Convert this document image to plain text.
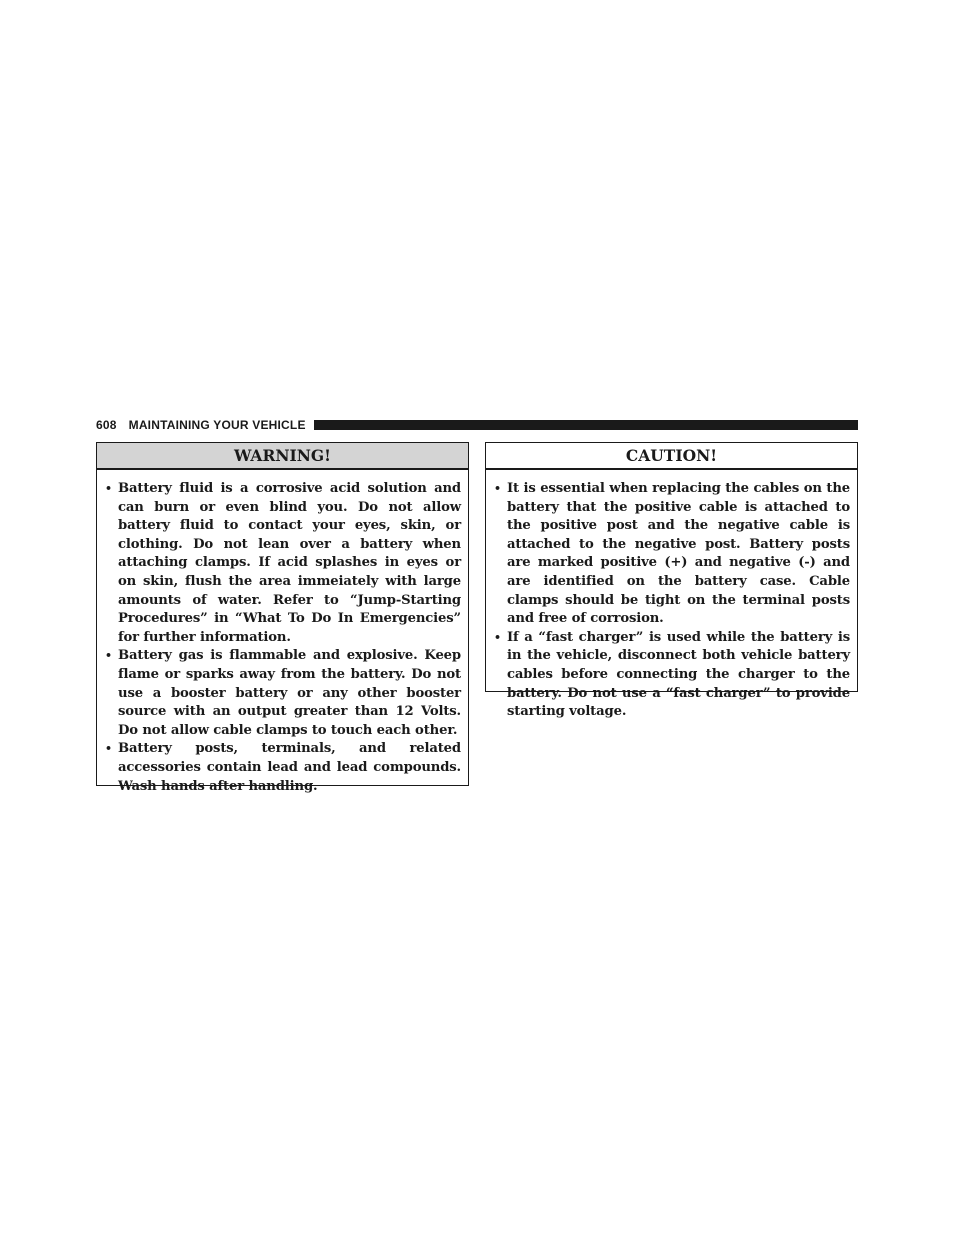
608 MAINTAINING YOUR VEHICLE
WARNING!
• Battery fluid is a corrosive acid solution and can burn or even blind you. Do not allow battery fluid to contact your eyes, skin, or clothing. Do not lean over a battery when attaching clamps. If acid splashes in eyes or on skin, flush the area immeiately with large amounts of water. Refer to “Jump-Starting Procedures” in “What To Do In Emergencies” for further information.
• Battery gas is flammable and explosive. Keep flame or sparks away from the battery. Do not use a booster battery or any other booster source with an output greater than 12 Volts. Do not allow cable clamps to touch each other.
• Battery posts, terminals, and related accessories contain lead and lead compounds. Wash hands after handling.
CAUTION!
• It is essential when replacing the cables on the battery that the positive cable is attached to the positive post and the negative cable is attached to the negative post. Battery posts are marked positive (+) and negative (-) and are identified on the battery case. Cable clamps should be tight on the terminal posts and free of corrosion.
• If a “fast charger” is used while the battery is in the vehicle, disconnect both vehicle battery cables before connecting the charger to the battery. Do not use a “fast charger” to provide starting voltage.
